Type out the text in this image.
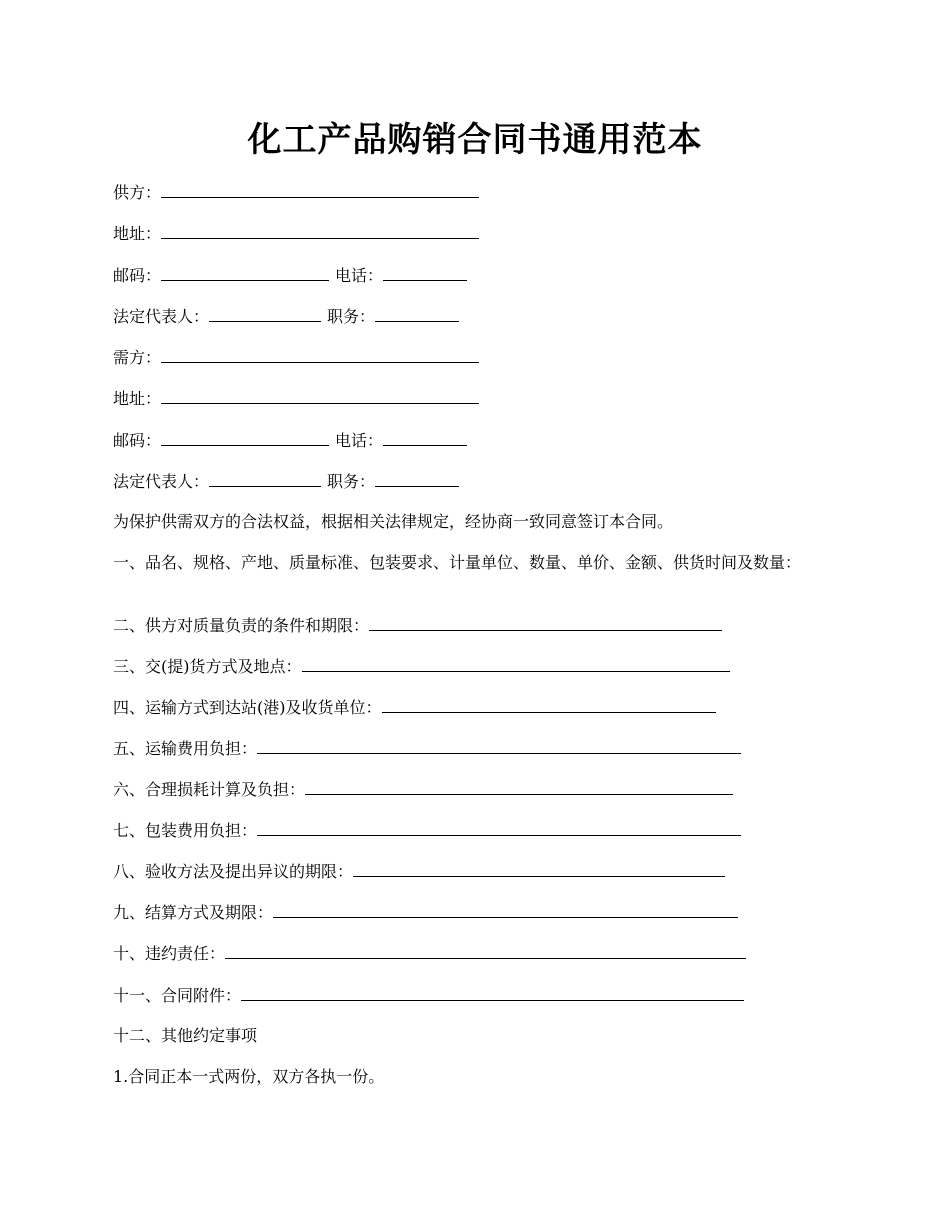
化工产品购销合同书通用范本
供方：
地址：
邮码：	电话：
法定代表人：	职务：
需方：
地址：
邮码：	电话：
法定代表人：	职务：
为保护供需双方的合法权益，根据相关法律规定，经协商一致同意签订本合同。
一、品名、规格、产地、质量标准、包装要求、计量单位、数量、单价、金额、供货时间及数量：
二、供方对质量负责的条件和期限：
三、交(提)货方式及地点：
四、运输方式到达站(港)及收货单位：
五、运输费用负担：
六、合理损耗计算及负担：
七、包装费用负担：
八、验收方法及提出异议的期限：
九、结算方式及期限：
十、违约责任：
十一、合同附件：
十二、其他约定事项
1.合同正本一式两份，双方各执一份。
